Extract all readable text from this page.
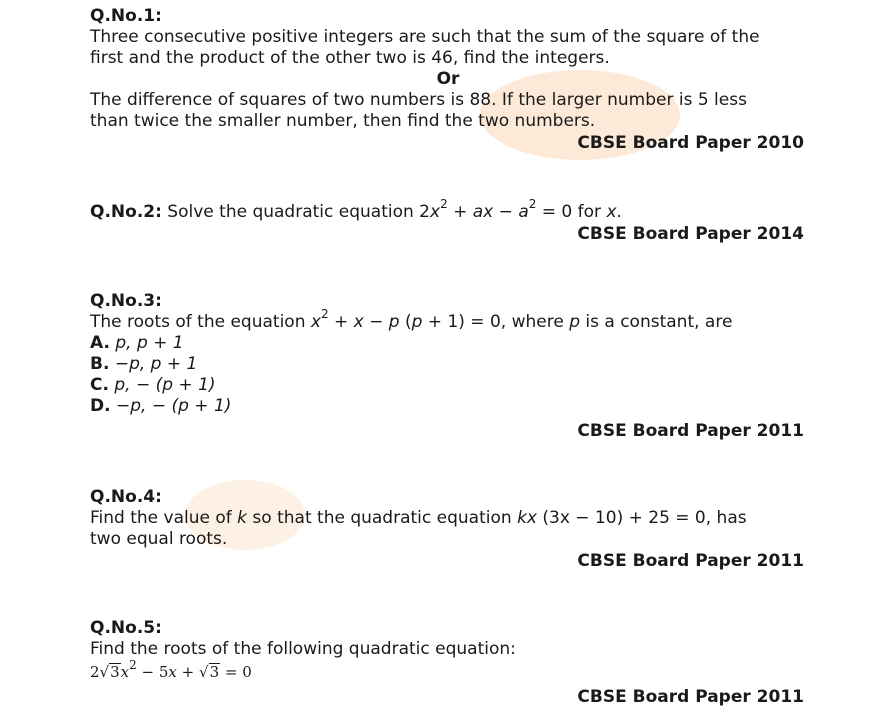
Q.No.1:
Three consecutive positive integers are such that the sum of the square of the
first and the product of the other two is 46, find the integers.
Or
The difference of squares of two numbers is 88. If the larger number is 5 less
than twice the smaller number, then find the two numbers.
CBSE Board Paper 2010
Q.No.2: Solve the quadratic equation $2x^2$ + ax − $a^2 = 0$ for x.
CBSE Board Paper 2014
Q.No.3:
The roots of the equation $x^2 + x - p$ (p + 1) = 0, where p is a constant, are
A. p, p + 1
B. −p, p + 1
C. p, − (p + 1)
D. −p, − (p + 1)
CBSE Board Paper 2011
Q.No.4:
Find the value of k so that the quadratic equation kx (3x − 10) + 25 = 0, has
two equal roots.
CBSE Board Paper 2011
Q.No.5:
Find the roots of the following quadratic equation:
$2√3x^2 - 5x + √3 = 0$
CBSE Board Paper 2011
